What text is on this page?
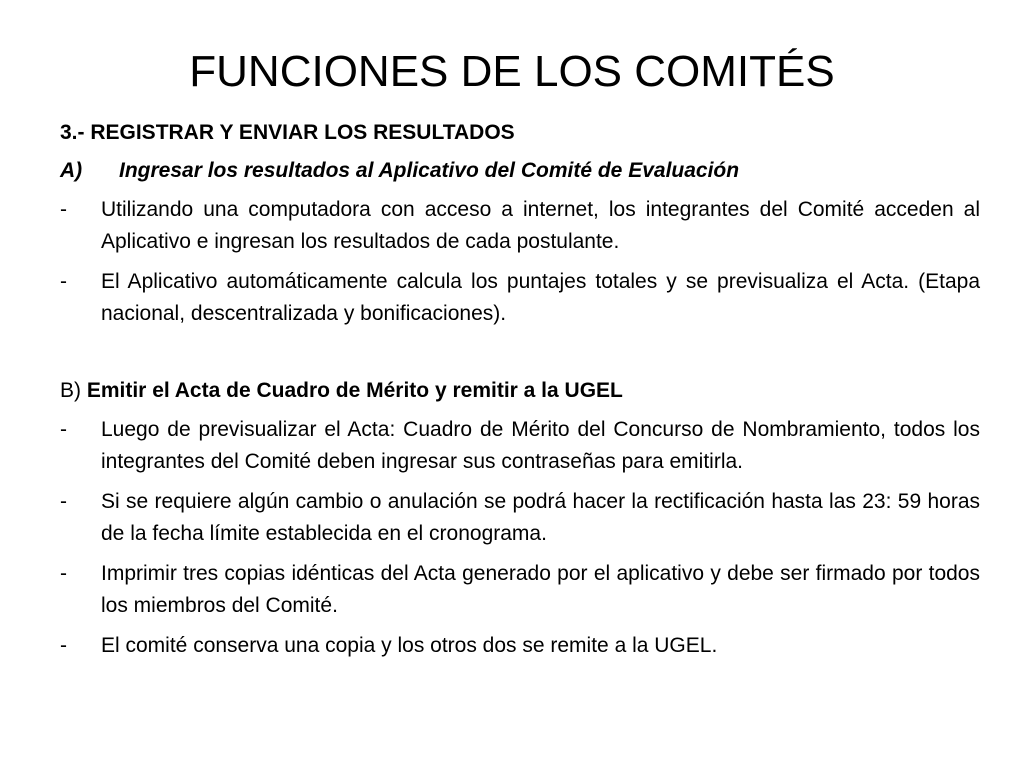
FUNCIONES DE LOS COMITÉS
3.- REGISTRAR Y ENVIAR LOS RESULTADOS
A)	Ingresar los resultados al Aplicativo del Comité de Evaluación
-	Utilizando una computadora con acceso a internet, los integrantes del Comité acceden al Aplicativo e ingresan los resultados de cada postulante.
-	El Aplicativo automáticamente calcula los puntajes totales y se previsualiza el Acta. (Etapa nacional, descentralizada y bonificaciones).
B) Emitir el Acta de Cuadro de Mérito y remitir a la UGEL
-	Luego de previsualizar el Acta: Cuadro de Mérito del Concurso de Nombramiento, todos los integrantes del Comité deben ingresar sus contraseñas para emitirla.
-	Si se requiere algún cambio o anulación se podrá hacer la rectificación hasta las 23: 59 horas de la fecha límite establecida en el cronograma.
-	Imprimir tres copias idénticas del Acta generado por el aplicativo y debe ser firmado por todos los miembros del Comité.
-	El comité conserva una copia y los otros dos se remite a la UGEL.
